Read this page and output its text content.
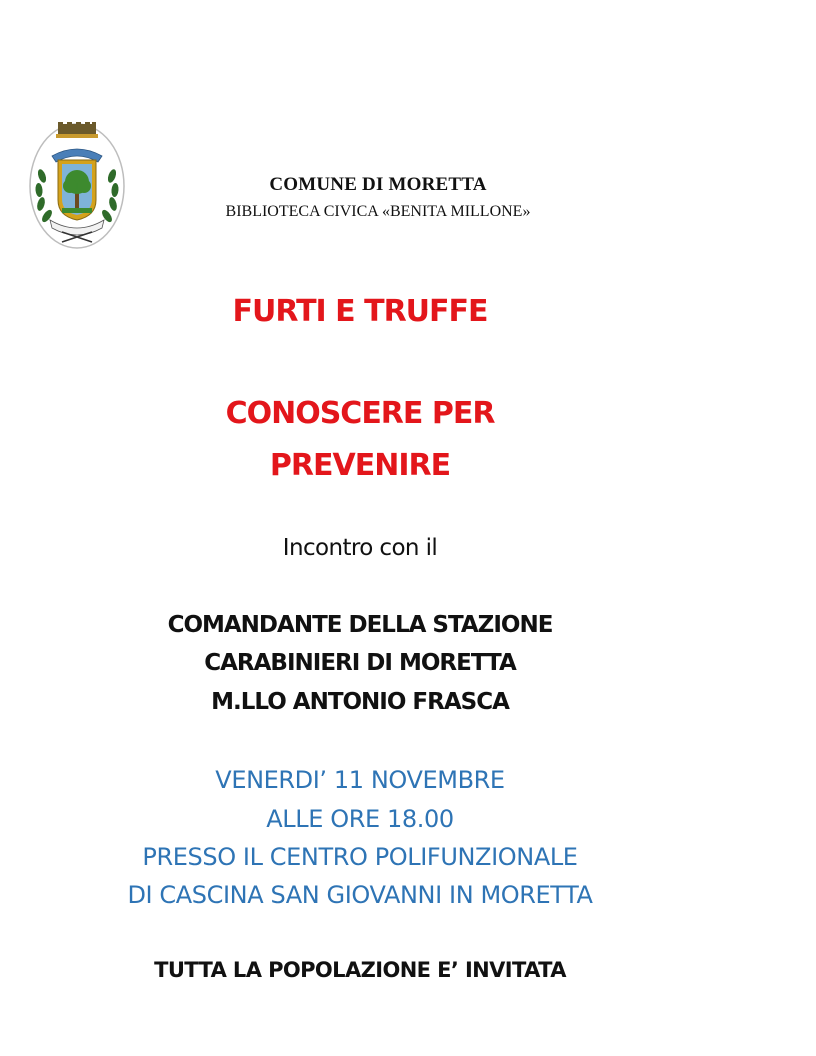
COMUNE DI MORETTA
BIBLIOTECA CIVICA «BENITA MILLONE»
FURTI E TRUFFE
CONOSCERE PER
PREVENIRE
Incontro con il
COMANDANTE DELLA STAZIONE
CARABINIERI DI MORETTA
M.LLO ANTONIO FRASCA
VENERDI’ 11 NOVEMBRE
ALLE ORE 18.00
PRESSO IL CENTRO POLIFUNZIONALE
DI CASCINA SAN GIOVANNI IN MORETTA
TUTTA LA POPOLAZIONE E’ INVITATA
